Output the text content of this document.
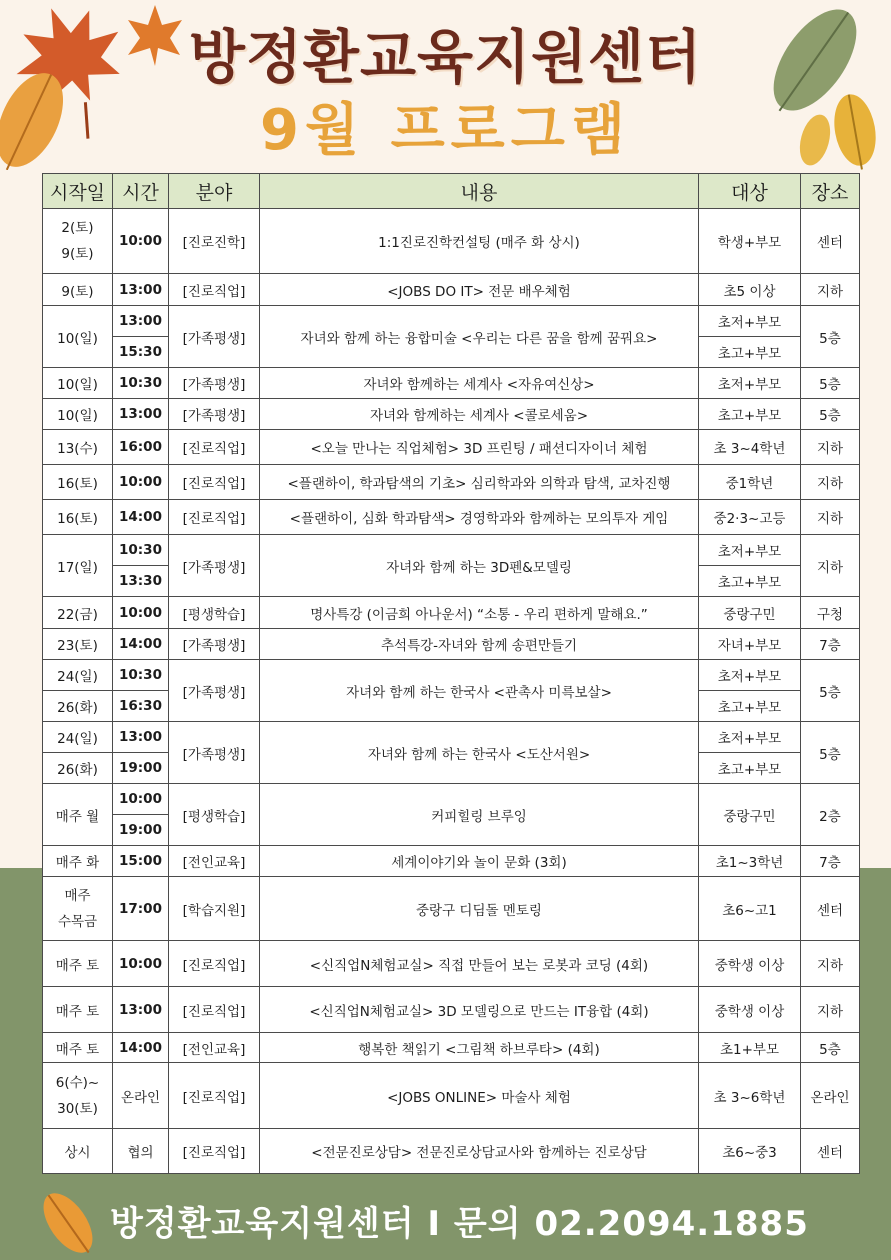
방정환교육지원센터
9월 프로그램
시작일	시간	분야	내용	대상	장소

2(토)
9(토)	10:00	[진로진학]	1:1진로진학컨설팅 (매주 화 상시)	학생+부모	센터
9(토)	13:00	[진로직업]	<JOBS DO IT> 전문 배우체험	초5 이상	지하
10(일)	13:00	[가족평생]	자녀와 함께 하는 융합미술 <우리는 다른 꿈을 함께 꿈꿔요>	초저+부모	5층
	15:30			초고+부모	
10(일)	10:30	[가족평생]	자녀와 함께하는 세계사 <자유여신상>	초저+부모	5층
10(일)	13:00	[가족평생]	자녀와 함께하는 세계사 <콜로세움>	초고+부모	5층
13(수)	16:00	[진로직업]	<오늘 만나는 직업체험> 3D 프린팅 / 패션디자이너 체험	초 3~4학년	지하
16(토)	10:00	[진로직업]	<플랜하이, 학과탐색의 기초> 심리학과와 의학과 탐색, 교차진행	중1학년	지하
16(토)	14:00	[진로직업]	<플랜하이, 심화 학과탐색> 경영학과와 함께하는 모의투자 게임	중2·3~고등	지하
17(일)	10:30	[가족평생]	자녀와 함께 하는 3D펜&모델링	초저+부모	지하
	13:30			초고+부모	
22(금)	10:00	[평생학습]	명사특강 (이금희 아나운서) “소통 - 우리 편하게 말해요.”	중랑구민	구청
23(토)	14:00	[가족평생]	추석특강-자녀와 함께 송편만들기	자녀+부모	7층
24(일)	10:30	[가족평생]	자녀와 함께 하는 한국사 <관촉사 미륵보살>	초저+부모	5층
26(화)	16:30			초고+부모	
24(일)	13:00	[가족평생]	자녀와 함께 하는 한국사 <도산서원>	초저+부모	5층
26(화)	19:00			초고+부모	
매주 월	10:00	[평생학습]	커피힐링 브루잉	중랑구민	2층
	19:00				
매주 화	15:00	[전인교육]	세계이야기와 놀이 문화 (3회)	초1~3학년	7층

매주
수목금	17:00	[학습지원]	중랑구 디딤돌 멘토링	초6~고1	센터
매주 토	10:00	[진로직업]	<신직업N체험교실> 직접 만들어 보는 로봇과 코딩 (4회)	중학생 이상	지하
매주 토	13:00	[진로직업]	<신직업N체험교실> 3D 모델링으로 만드는 IT융합 (4회)	중학생 이상	지하
매주 토	14:00	[전인교육]	행복한 책읽기 <그림책 하브루타> (4회)	초1+부모	5층

6(수)~
30(토)	온라인	[진로직업]	<JOBS ONLINE> 마술사 체험	초 3~6학년	온라인
상시	협의	[진로직업]	<전문진로상담> 전문진로상담교사와 함께하는 진로상담	초6~중3	센터
방정환교육지원센터 I 문의 02.2094.1885
